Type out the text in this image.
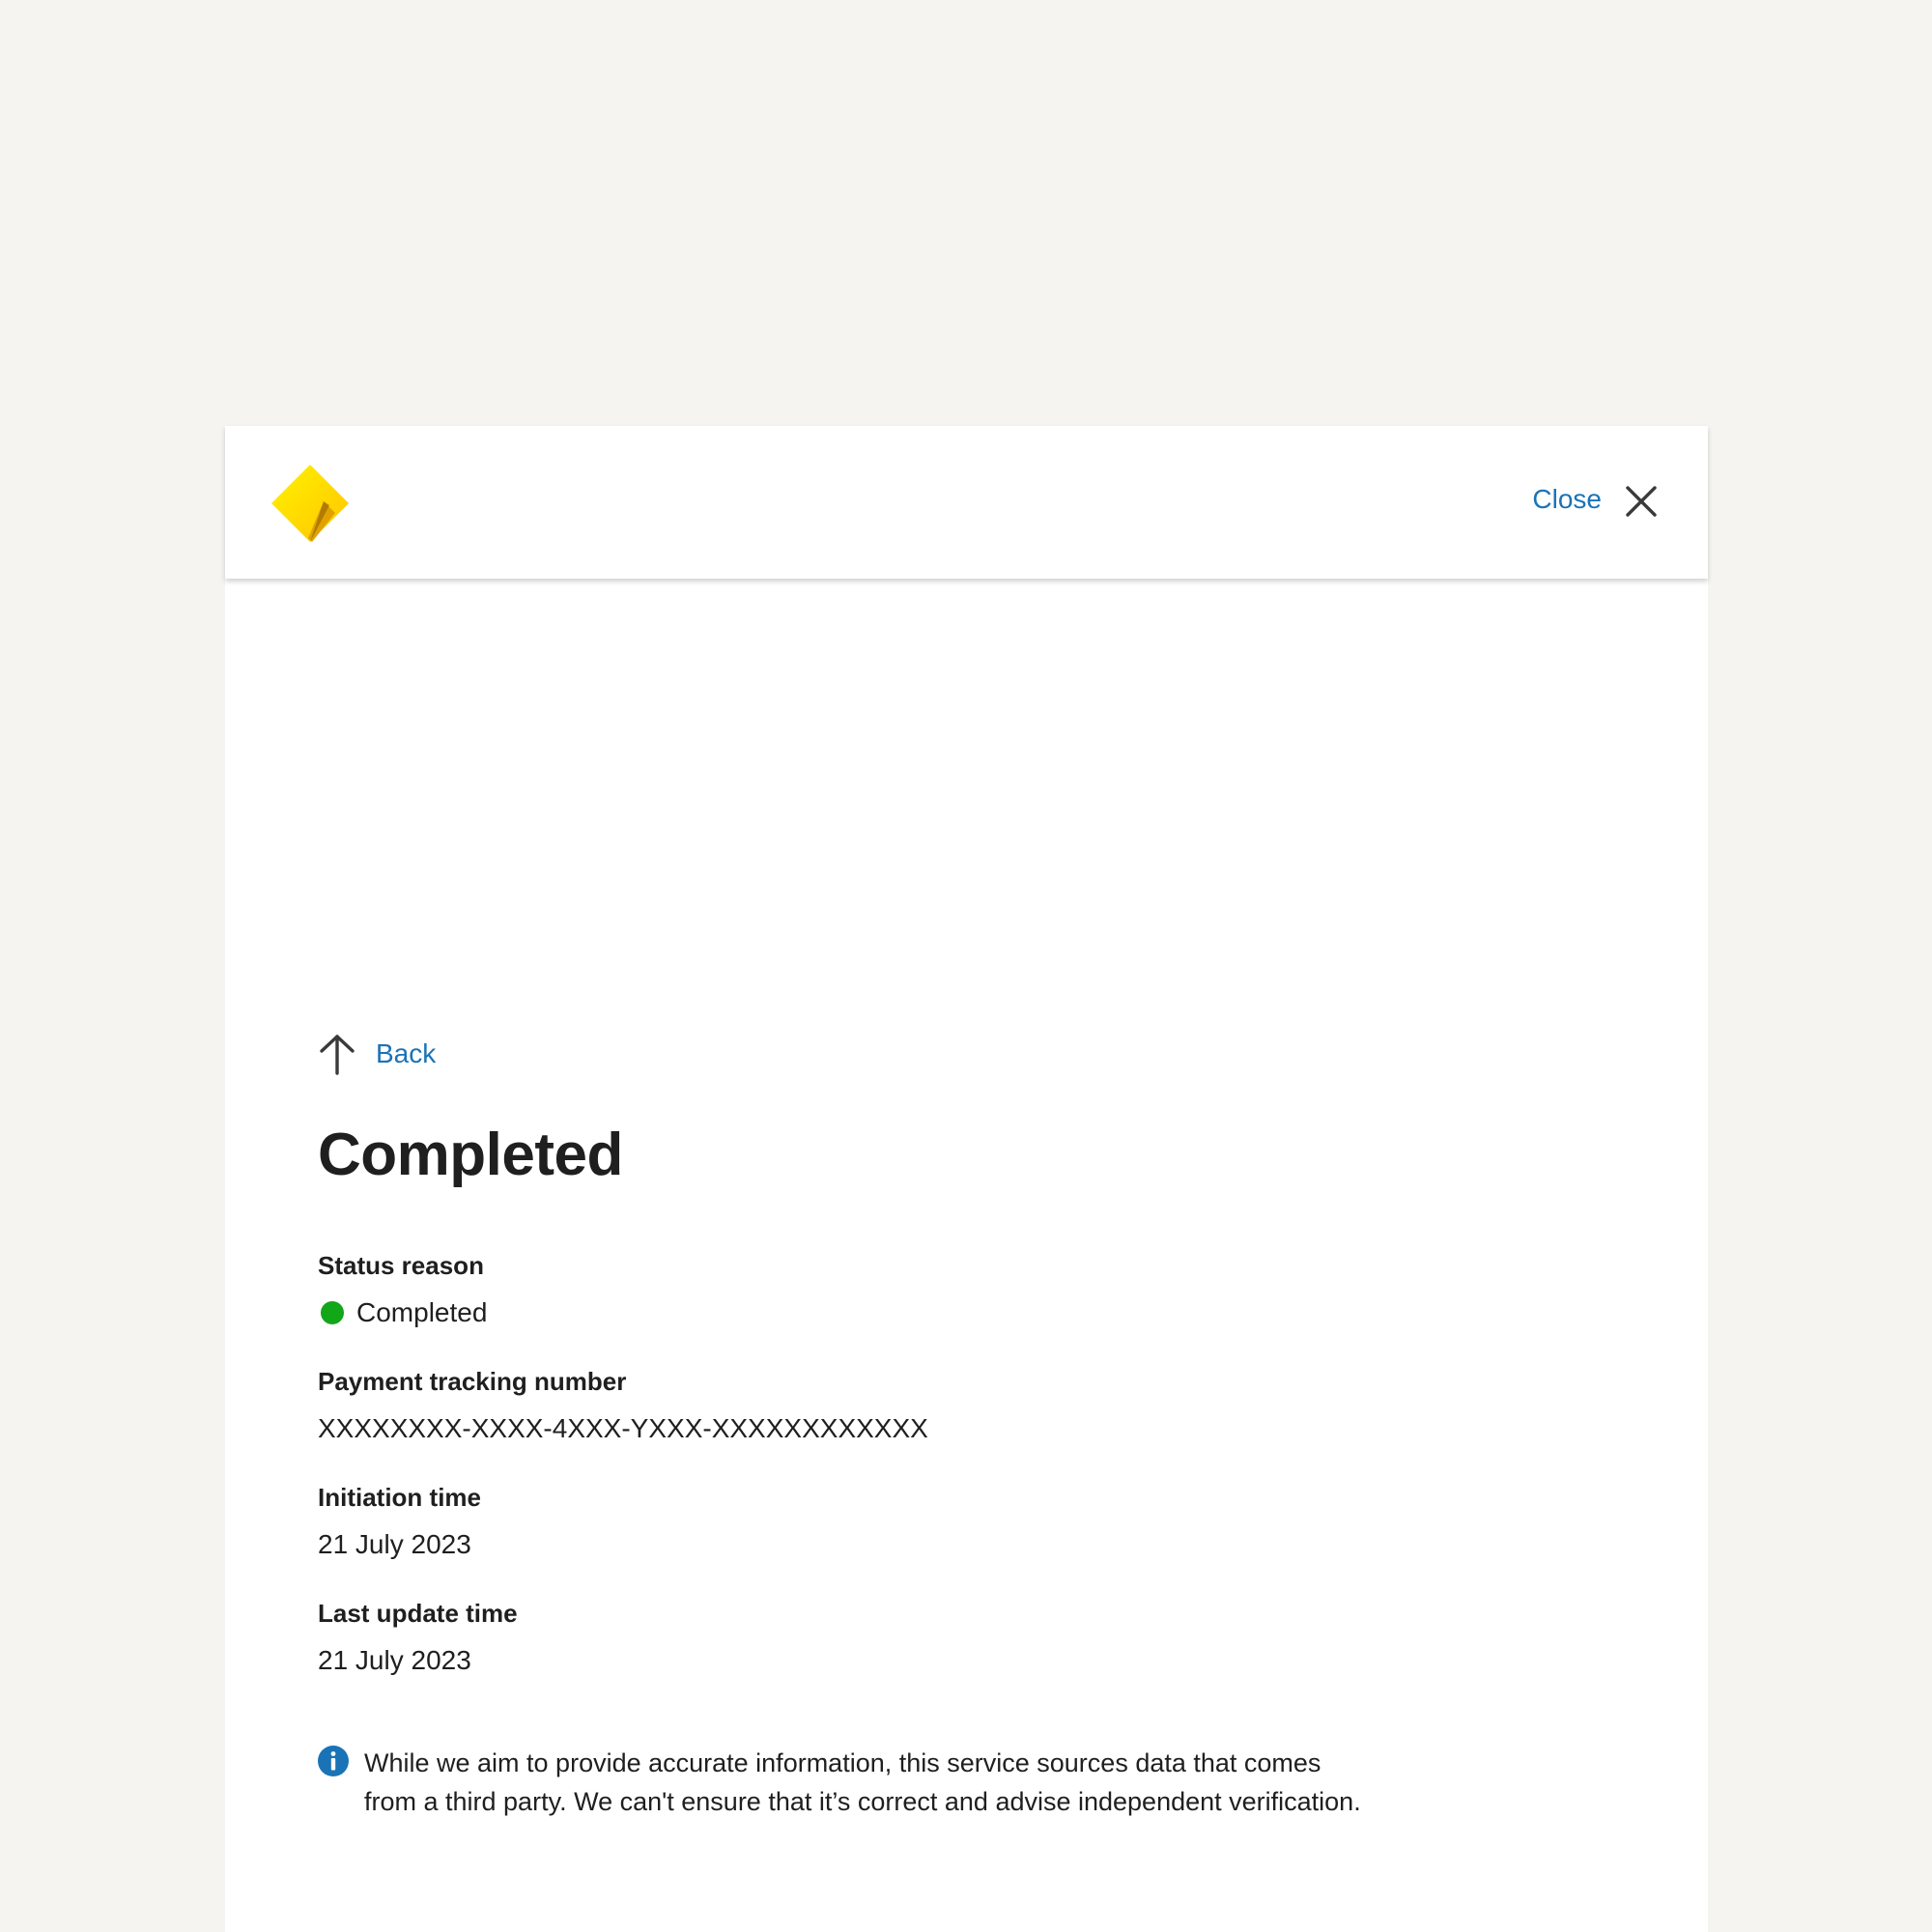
Close
Back
Completed
Status reason
Completed
Payment tracking number
XXXXXXXX-XXXX-4XXX-YXXX-XXXXXXXXXXXX
Initiation time
21 July 2023
Last update time
21 July 2023
While we aim to provide accurate information, this service sources data that comes
from a third party. We can't ensure that it’s correct and advise independent verification.
